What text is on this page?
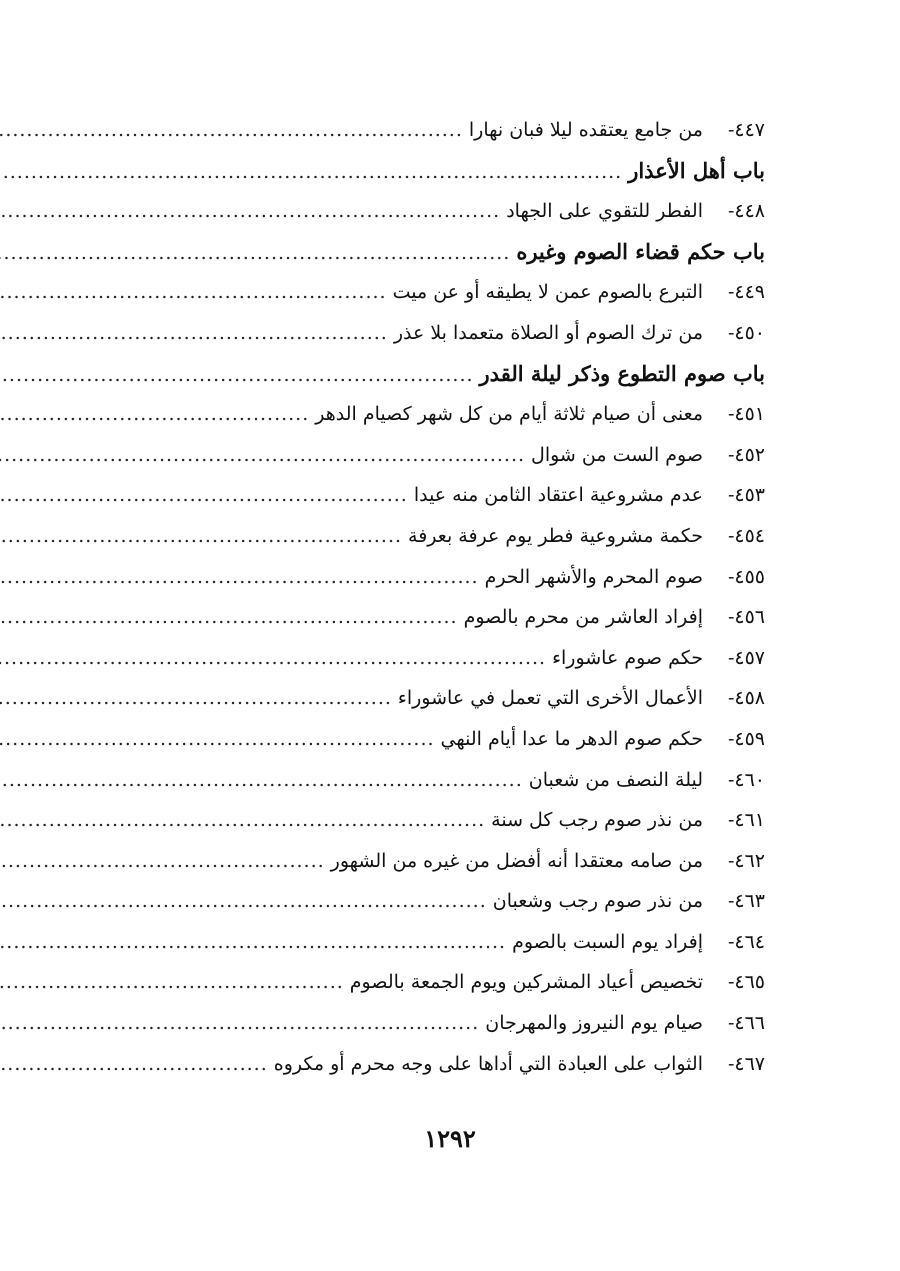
٤٤٧-
من جامع يعتقده ليلا فبان نهارا
.....
باب أهل الأعذار
.....
٤٤٨-
الفطر للتقوي على الجهاد
.....
باب حكم قضاء الصوم وغيره
.....
٤٤٩-
التبرع بالصوم عمن لا يطيقه أو عن ميت
.....
٤٥٠-
من ترك الصوم أو الصلاة متعمدا بلا عذر
.....
باب صوم التطوع وذكر ليلة القدر
.....
٤٥١-
معنى أن صيام ثلاثة أيام من كل شهر كصيام الدهر
.....
٤٥٢-
صوم الست من شوال
.....
٤٥٣-
عدم مشروعية اعتقاد الثامن منه عيدا
.....
٤٥٤-
حكمة مشروعية فطر يوم عرفة بعرفة
.....
٤٥٥-
صوم المحرم والأشهر الحرم
.....
٤٥٦-
إفراد العاشر من محرم بالصوم
.....
٤٥٧-
حكم صوم عاشوراء
.....
٤٥٨-
الأعمال الأخرى التي تعمل في عاشوراء
.....
٤٥٩-
حكم صوم الدهر ما عدا أيام النهي
.....
٤٦٠-
ليلة النصف من شعبان
.....
٤٦١-
من نذر صوم رجب كل سنة
.....
٤٦٢-
من صامه معتقدا أنه أفضل من غيره من الشهور
.....
٤٦٣-
من نذر صوم رجب وشعبان
.....
٤٦٤-
إفراد يوم السبت بالصوم
.....
٤٦٥-
تخصيص أعياد المشركين ويوم الجمعة بالصوم
.....
٤٦٦-
صيام يوم النيروز والمهرجان
.....
٤٦٧-
الثواب على العبادة التي أداها على وجه محرم أو مكروه
.....
١٢٩٢
